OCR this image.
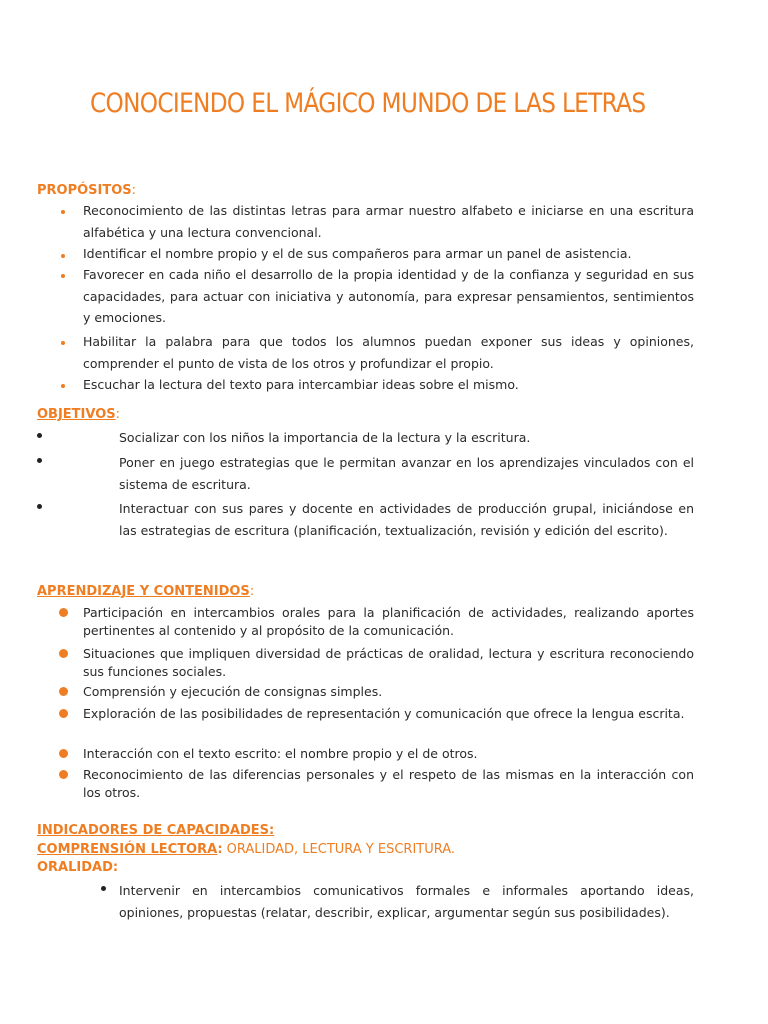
CONOCIENDO EL MÁGICO MUNDO DE LAS LETRAS
PROPÓSITOS:
Reconocimiento de las distintas letras para armar nuestro alfabeto e iniciarse en una escritura alfabética y una lectura convencional.
Identificar el nombre propio y el de sus compañeros para armar un panel de asistencia.
Favorecer en cada niño el desarrollo de la propia identidad y de la confianza y seguridad en sus capacidades, para actuar con iniciativa y autonomía, para expresar pensamientos, sentimientos y emociones.
Habilitar la palabra para que todos los alumnos puedan exponer sus ideas y opiniones, comprender el punto de vista de los otros y profundizar el propio.
Escuchar la lectura del texto para intercambiar ideas sobre el mismo.
OBJETIVOS:
Socializar con los niños la importancia de la lectura y la escritura.
Poner en juego estrategias que le permitan avanzar en los aprendizajes vinculados con el sistema de escritura.
Interactuar con sus pares y docente en actividades de producción grupal, iniciándose en las estrategias de escritura (planificación, textualización, revisión y edición del escrito).
APRENDIZAJE Y CONTENIDOS:
Participación en intercambios orales para la planificación de actividades, realizando aportes pertinentes al contenido y al propósito de la comunicación.
Situaciones que impliquen diversidad de prácticas de oralidad, lectura y escritura reconociendo sus funciones sociales.
Comprensión y ejecución de consignas simples.
Exploración de las posibilidades de representación y comunicación que ofrece la lengua escrita.
Interacción con el texto escrito: el nombre propio y el de otros.
Reconocimiento de las diferencias personales y el respeto de las mismas en la interacción con los otros.
INDICADORES DE CAPACIDADES:
COMPRENSIÓN LECTORA: ORALIDAD, LECTURA Y ESCRITURA.
ORALIDAD:
Intervenir en intercambios comunicativos formales e informales aportando ideas, opiniones, propuestas (relatar, describir, explicar, argumentar según sus posibilidades).
